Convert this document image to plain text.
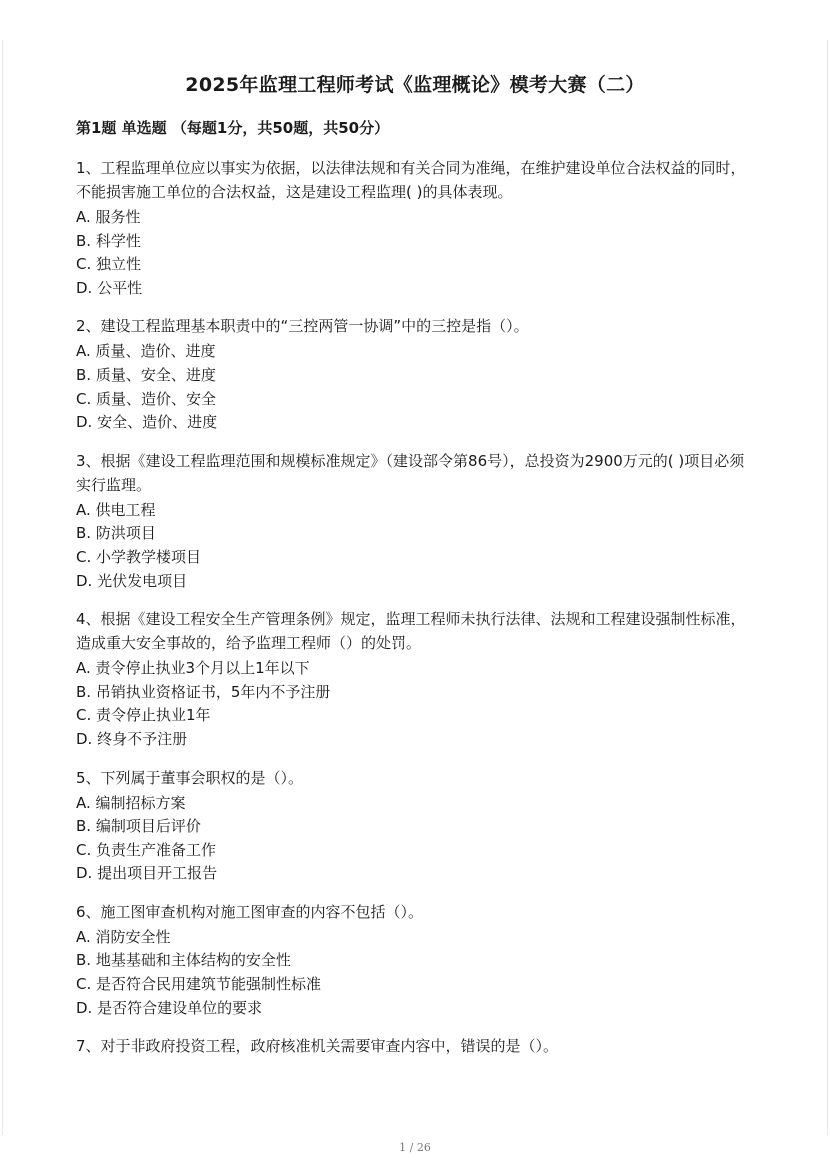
2025年监理工程师考试《监理概论》模考大赛（二）
第1题 单选题 （每题1分，共50题，共50分）

1、工程监理单位应以事实为依据，以法律法规和有关合同为准绳，在维护建设单位合法权益的同时，不能损害施工单位的合法权益，这是建设工程监理( )的具体表现。

A. 服务性

B. 科学性

C. 独立性

D. 公平性

2、建设工程监理基本职责中的“三控两管一协调”中的三控是指（）。

A. 质量、造价、进度

B. 质量、安全、进度

C. 质量、造价、安全

D. 安全、造价、进度

3、根据《建设工程监理范围和规模标准规定》（建设部令第86号），总投资为2900万元的( )项目必须实行监理。

A. 供电工程

B. 防洪项目

C. 小学教学楼项目

D. 光伏发电项目

4、根据《建设工程安全生产管理条例》规定，监理工程师未执行法律、法规和工程建设强制性标准，造成重大安全事故的，给予监理工程师（）的处罚。

A. 责令停止执业3个月以上1年以下

B. 吊销执业资格证书，5年内不予注册

C. 责令停止执业1年

D. 终身不予注册

5、下列属于董事会职权的是（）。

A. 编制招标方案

B. 编制项目后评价

C. 负责生产准备工作

D. 提出项目开工报告

6、施工图审查机构对施工图审查的内容不包括（）。

A. 消防安全性

B. 地基基础和主体结构的安全性

C. 是否符合民用建筑节能强制性标准

D. 是否符合建设单位的要求

7、对于非政府投资工程，政府核准机关需要审查内容中，错误的是（）。

1 / 26
